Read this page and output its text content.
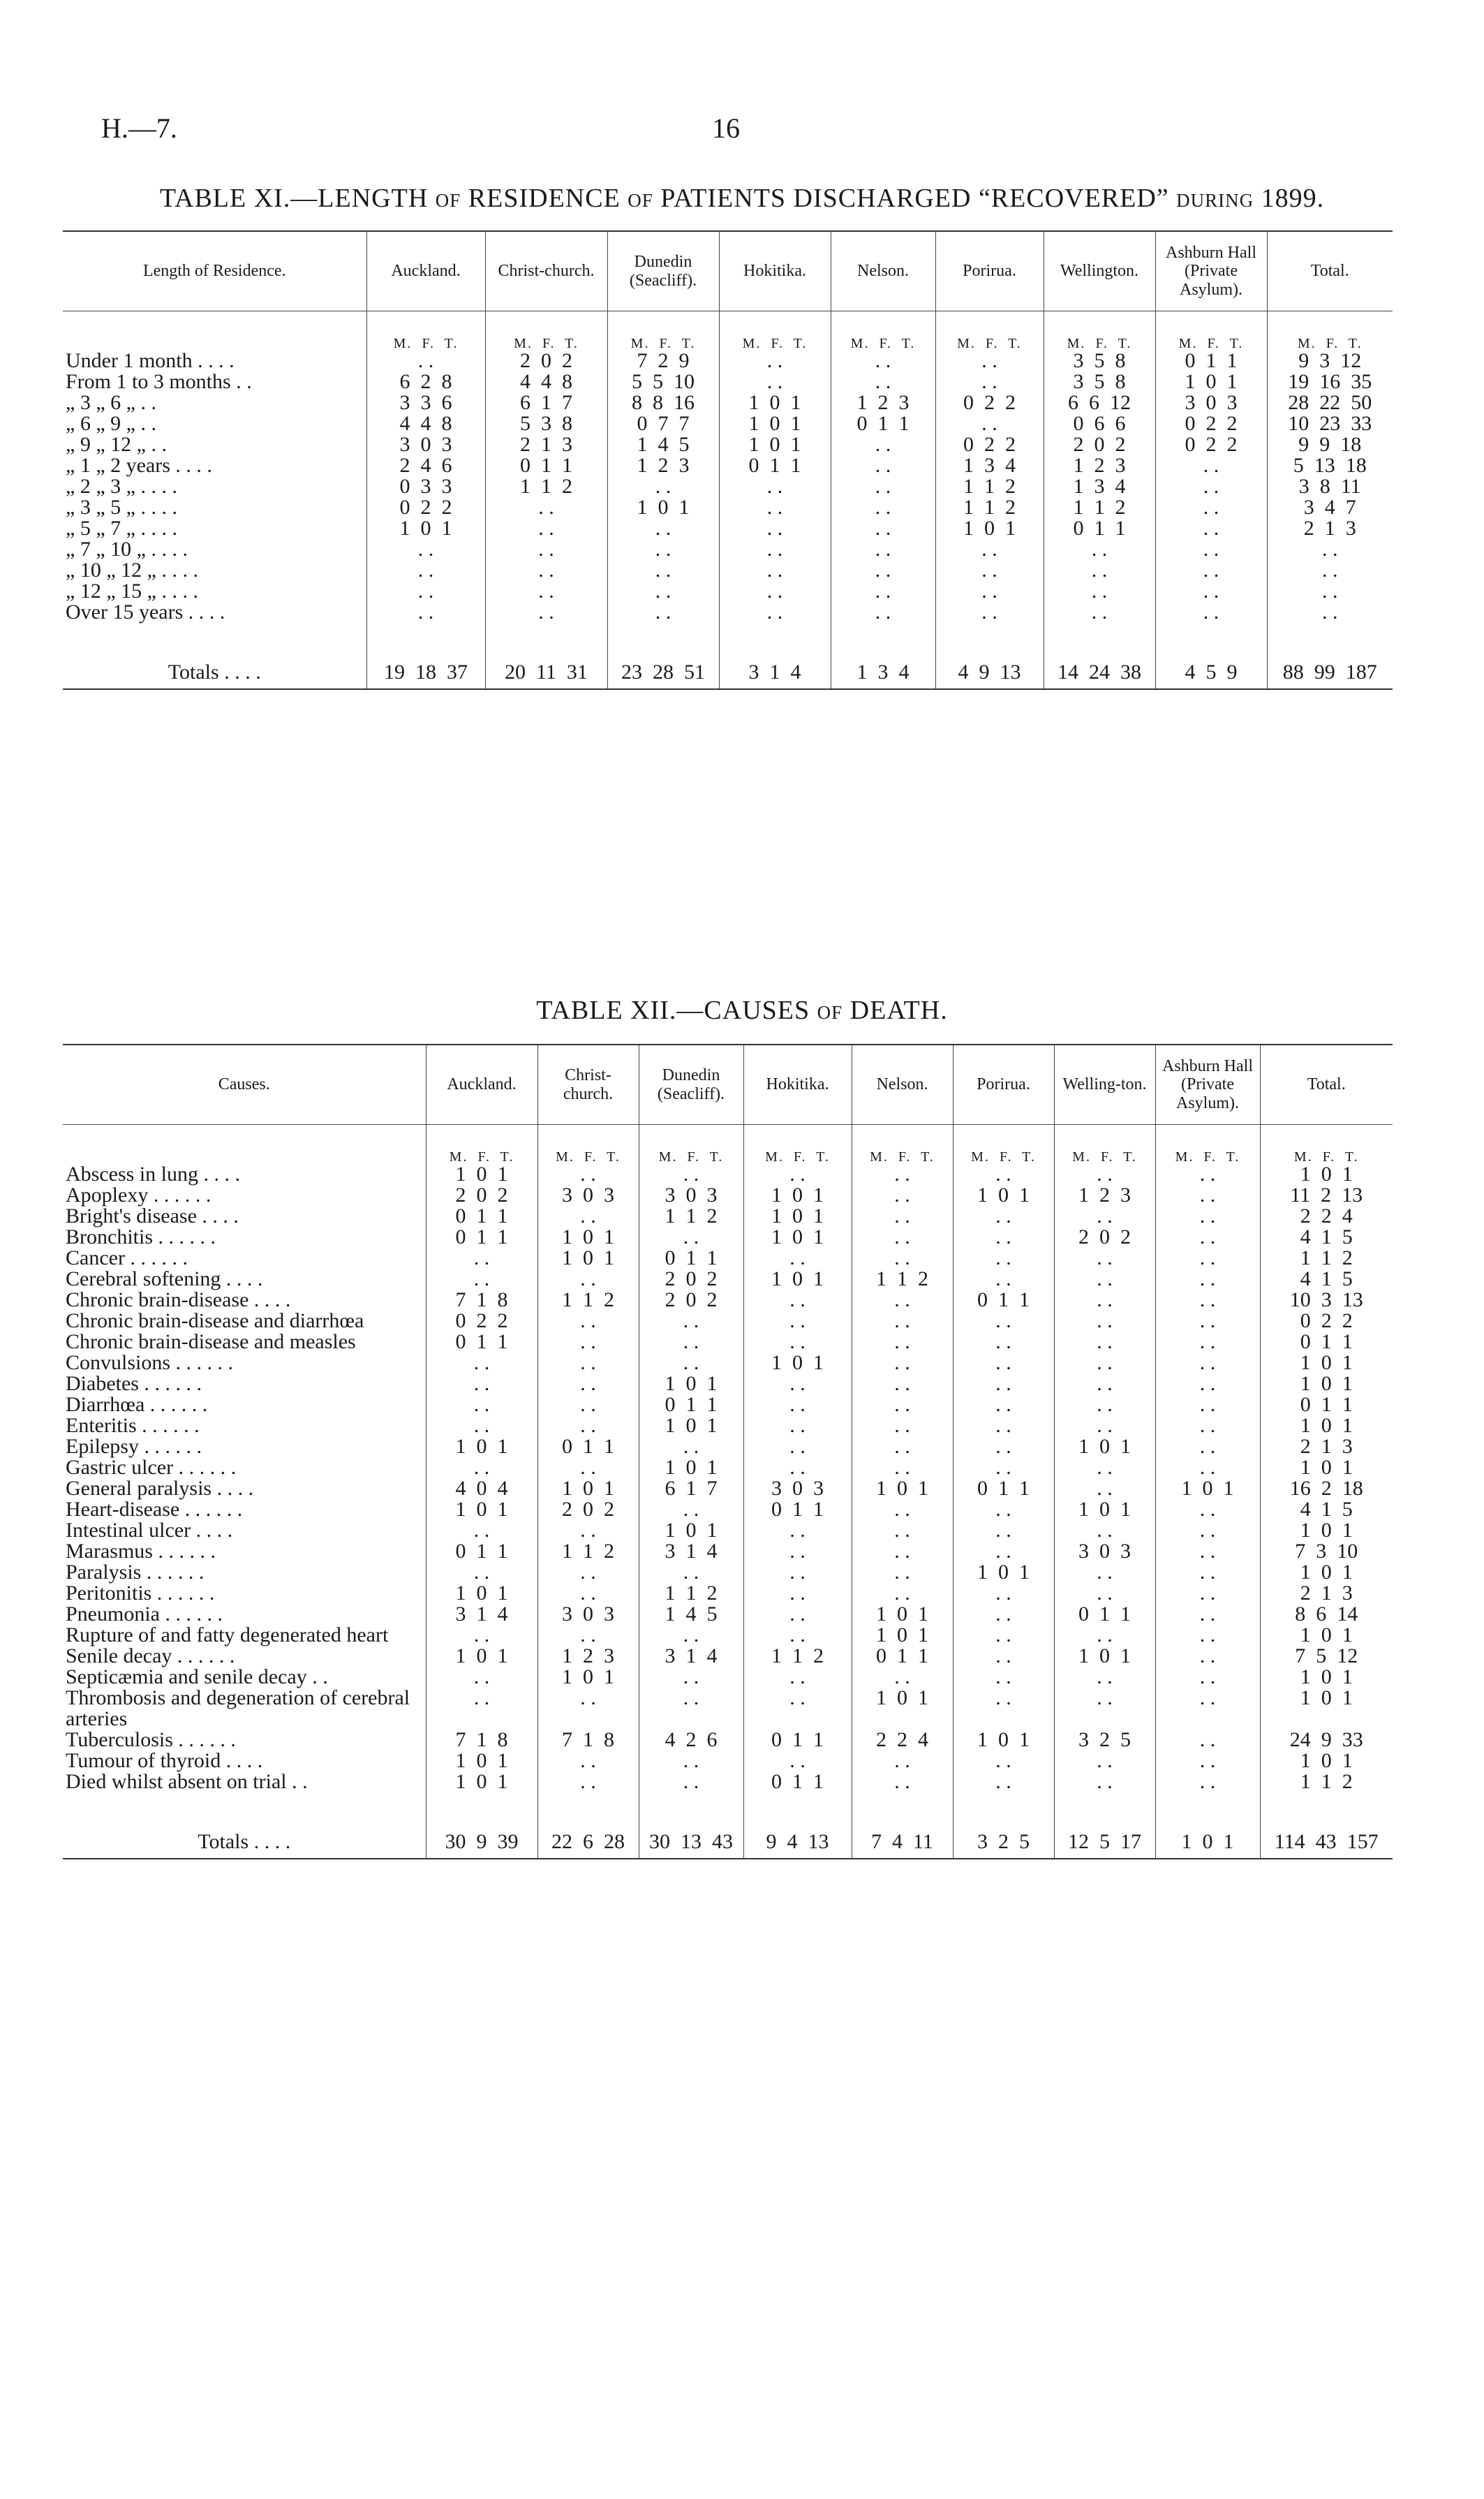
H.—7.	16
TABLE XI.—LENGTH of RESIDENCE of PATIENTS DISCHARGED “RECOVERED” during 1899.
Length of Residence.	Auckland.	Christ-church.	Dunedin (Seacliff).	Hokitika.	Nelson.	Porirua.	Wellington.	Ashburn Hall (Private Asylum).	Total.
	M.  F.  T.	M.  F.  T.	M.  F.  T.	M.  F.  T.	M.  F.  T.	M.  F.  T.	M.  F.  T.	M.  F.  T.	M.  F.  T.
Under 1 month . . . .	. .	2  0  2	7  2  9	. .	. .	. .	3  5  8	0  1  1	9  3  12
From 1 to 3 months . .	6  2  8	4  4  8	5  5  10	. .	. .	. .	3  5  8	1  0  1	19  16  35
„ 3 „ 6 „ . .	3  3  6	6  1  7	8  8  16	1  0  1	1  2  3	0  2  2	6  6  12	3  0  3	28  22  50
„ 6 „ 9 „ . .	4  4  8	5  3  8	0  7  7	1  0  1	0  1  1	. .	0  6  6	0  2  2	10  23  33
„ 9 „ 12 „ . .	3  0  3	2  1  3	1  4  5	1  0  1	. .	0  2  2	2  0  2	0  2  2	9  9  18
„ 1 „ 2 years . . . .	2  4  6	0  1  1	1  2  3	0  1  1	. .	1  3  4	1  2  3	. .	5  13  18
„ 2 „ 3 „ . . . .	0  3  3	1  1  2	. .	. .	. .	1  1  2	1  3  4	. .	3  8  11
„ 3 „ 5 „ . . . .	0  2  2	. .	1  0  1	. .	. .	1  1  2	1  1  2	. .	3  4  7
„ 5 „ 7 „ . . . .	1  0  1	. .	. .	. .	. .	1  0  1	0  1  1	. .	2  1  3
„ 7 „ 10 „ . . . .	. .	. .	. .	. .	. .	. .	. .	. .	. .
„ 10 „ 12 „ . . . .	. .	. .	. .	. .	. .	. .	. .	. .	. .
„ 12 „ 15 „ . . . .	. .	. .	. .	. .	. .	. .	. .	. .	. .
Over 15 years . . . .	. .	. .	. .	. .	. .	. .	. .	. .	. .

Totals . . . .	19  18  37	20  11  31	23  28  51	3  1  4	1  3  4	4  9  13	14  24  38	4  5  9	88  99  187
TABLE XII.—CAUSES of DEATH.
Causes.	Auckland.	Christ-church.	Dunedin (Seacliff).	Hokitika.	Nelson.	Porirua.	Welling-ton.	Ashburn Hall (Private Asylum).	Total.
	M.  F.  T.	M.  F.  T.	M.  F.  T.	M.  F.  T.	M.  F.  T.	M.  F.  T.	M.  F.  T.	M.  F.  T.	M.  F.  T.
Abscess in lung . . . .	1  0  1	. .	. .	. .	. .	. .	. .	. .	1  0  1
Apoplexy . . . . . .	2  0  2	3  0  3	3  0  3	1  0  1	. .	1  0  1	1  2  3	. .	11  2  13
Bright's disease . . . .	0  1  1	. .	1  1  2	1  0  1	. .	. .	. .	. .	2  2  4
Bronchitis . . . . . .	0  1  1	1  0  1	. .	1  0  1	. .	. .	2  0  2	. .	4  1  5
Cancer . . . . . .	. .	1  0  1	0  1  1	. .	. .	. .	. .	. .	1  1  2
Cerebral softening . . . .	. .	. .	2  0  2	1  0  1	1  1  2	. .	. .	. .	4  1  5
Chronic brain-disease . . . .	7  1  8	1  1  2	2  0  2	. .	. .	0  1  1	. .	. .	10  3  13
Chronic brain-disease and diarrhœa	0  2  2	. .	. .	. .	. .	. .	. .	. .	0  2  2
Chronic brain-disease and measles	0  1  1	. .	. .	. .	. .	. .	. .	. .	0  1  1
Convulsions . . . . . .	. .	. .	. .	1  0  1	. .	. .	. .	. .	1  0  1
Diabetes . . . . . .	. .	. .	1  0  1	. .	. .	. .	. .	. .	1  0  1
Diarrhœa . . . . . .	. .	. .	0  1  1	. .	. .	. .	. .	. .	0  1  1
Enteritis . . . . . .	. .	. .	1  0  1	. .	. .	. .	. .	. .	1  0  1
Epilepsy . . . . . .	1  0  1	0  1  1	. .	. .	. .	. .	1  0  1	. .	2  1  3
Gastric ulcer . . . . . .	. .	. .	1  0  1	. .	. .	. .	. .	. .	1  0  1
General paralysis . . . .	4  0  4	1  0  1	6  1  7	3  0  3	1  0  1	0  1  1	. .	1  0  1	16  2  18
Heart-disease . . . . . .	1  0  1	2  0  2	. .	0  1  1	. .	. .	1  0  1	. .	4  1  5
Intestinal ulcer . . . .	. .	. .	1  0  1	. .	. .	. .	. .	. .	1  0  1
Marasmus . . . . . .	0  1  1	1  1  2	3  1  4	. .	. .	. .	3  0  3	. .	7  3  10
Paralysis . . . . . .	. .	. .	. .	. .	. .	1  0  1	. .	. .	1  0  1
Peritonitis . . . . . .	1  0  1	. .	1  1  2	. .	. .	. .	. .	. .	2  1  3
Pneumonia . . . . . .	3  1  4	3  0  3	1  4  5	. .	1  0  1	. .	0  1  1	. .	8  6  14
Rupture of and fatty degenerated heart	. .	. .	. .	. .	1  0  1	. .	. .	. .	1  0  1
Senile decay . . . . . .	1  0  1	1  2  3	3  1  4	1  1  2	0  1  1	. .	1  0  1	. .	7  5  12
Septicæmia and senile decay . .	. .	1  0  1	. .	. .	. .	. .	. .	. .	1  0  1
Thrombosis and degeneration of cerebral arteries	. .	. .	. .	. .	1  0  1	. .	. .	. .	1  0  1
Tuberculosis . . . . . .	7  1  8	7  1  8	4  2  6	0  1  1	2  2  4	1  0  1	3  2  5	. .	24  9  33
Tumour of thyroid . . . .	1  0  1	. .	. .	. .	. .	. .	. .	. .	1  0  1
Died whilst absent on trial . .	1  0  1	. .	. .	0  1  1	. .	. .	. .	. .	1  1  2

Totals . . . .	30  9  39	22  6  28	30  13  43	9  4  13	7  4  11	3  2  5	12  5  17	1  0  1	114  43  157
